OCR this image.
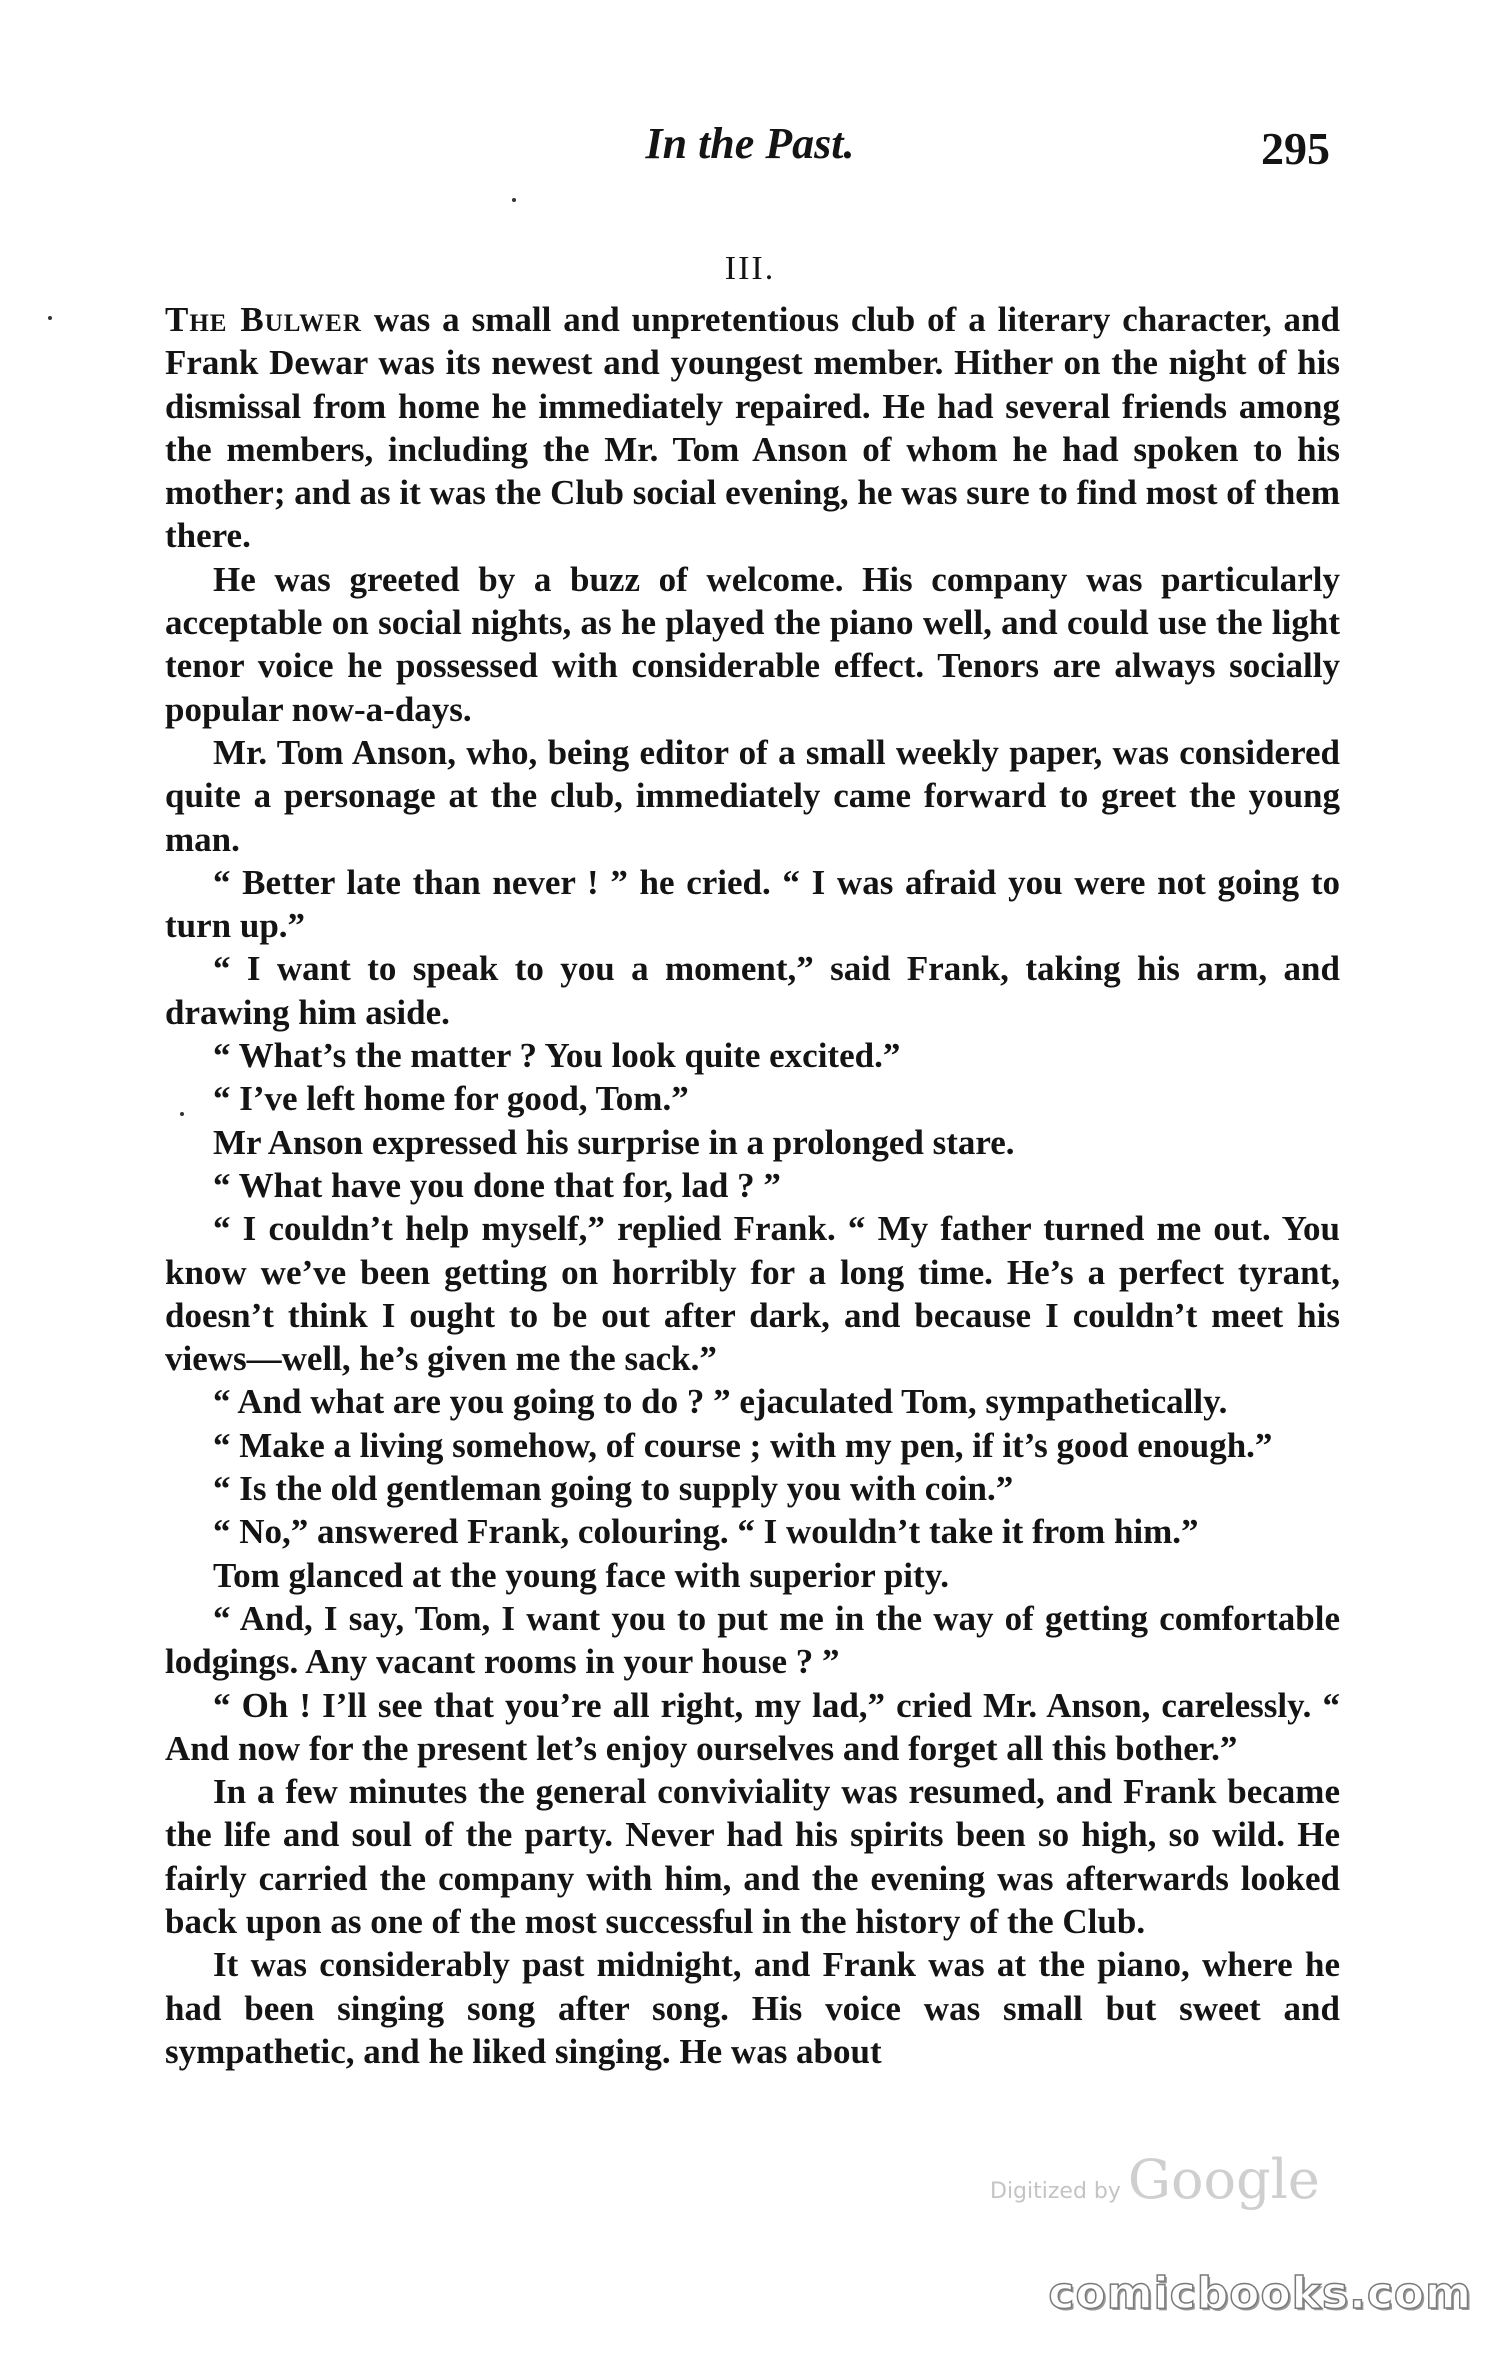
In the Past.	295
III.

The Bulwer was a small and unpretentious club of a literary character, and Frank Dewar was its newest and youngest member. Hither on the night of his dismissal from home he immediately repaired. He had several friends among the members, including the Mr. Tom Anson of whom he had spoken to his mother; and as it was the Club social evening, he was sure to find most of them there.

He was greeted by a buzz of welcome. His company was particularly acceptable on social nights, as he played the piano well, and could use the light tenor voice he possessed with considerable effect. Tenors are always socially popular now-a-days.

Mr. Tom Anson, who, being editor of a small weekly paper, was considered quite a personage at the club, immediately came forward to greet the young man.

“ Better late than never ! ” he cried. “ I was afraid you were not going to turn up.”

“ I want to speak to you a moment,” said Frank, taking his arm, and drawing him aside.

“ What’s the matter ? You look quite excited.”

“ I’ve left home for good, Tom.”

Mr Anson expressed his surprise in a prolonged stare.

“ What have you done that for, lad ? ”

“ I couldn’t help myself,” replied Frank. “ My father turned me out. You know we’ve been getting on horribly for a long time. He’s a perfect tyrant, doesn’t think I ought to be out after dark, and because I couldn’t meet his views—well, he’s given me the sack.”

“ And what are you going to do ? ” ejaculated Tom, sympathetically.

“ Make a living somehow, of course ; with my pen, if it’s good enough.”

“ Is the old gentleman going to supply you with coin.”

“ No,” answered Frank, colouring. “ I wouldn’t take it from him.”

Tom glanced at the young face with superior pity.

“ And, I say, Tom, I want you to put me in the way of getting comfortable lodgings. Any vacant rooms in your house ? ”

“ Oh ! I’ll see that you’re all right, my lad,” cried Mr. Anson, carelessly. “ And now for the present let’s enjoy ourselves and forget all this bother.”

In a few minutes the general conviviality was resumed, and Frank became the life and soul of the party. Never had his spirits been so high, so wild. He fairly carried the company with him, and the evening was afterwards looked back upon as one of the most successful in the history of the Club.

It was considerably past midnight, and Frank was at the piano, where he had been singing song after song. His voice was small but sweet and sympathetic, and he liked singing. He was about

Digitized by Google
comicbooks.com
